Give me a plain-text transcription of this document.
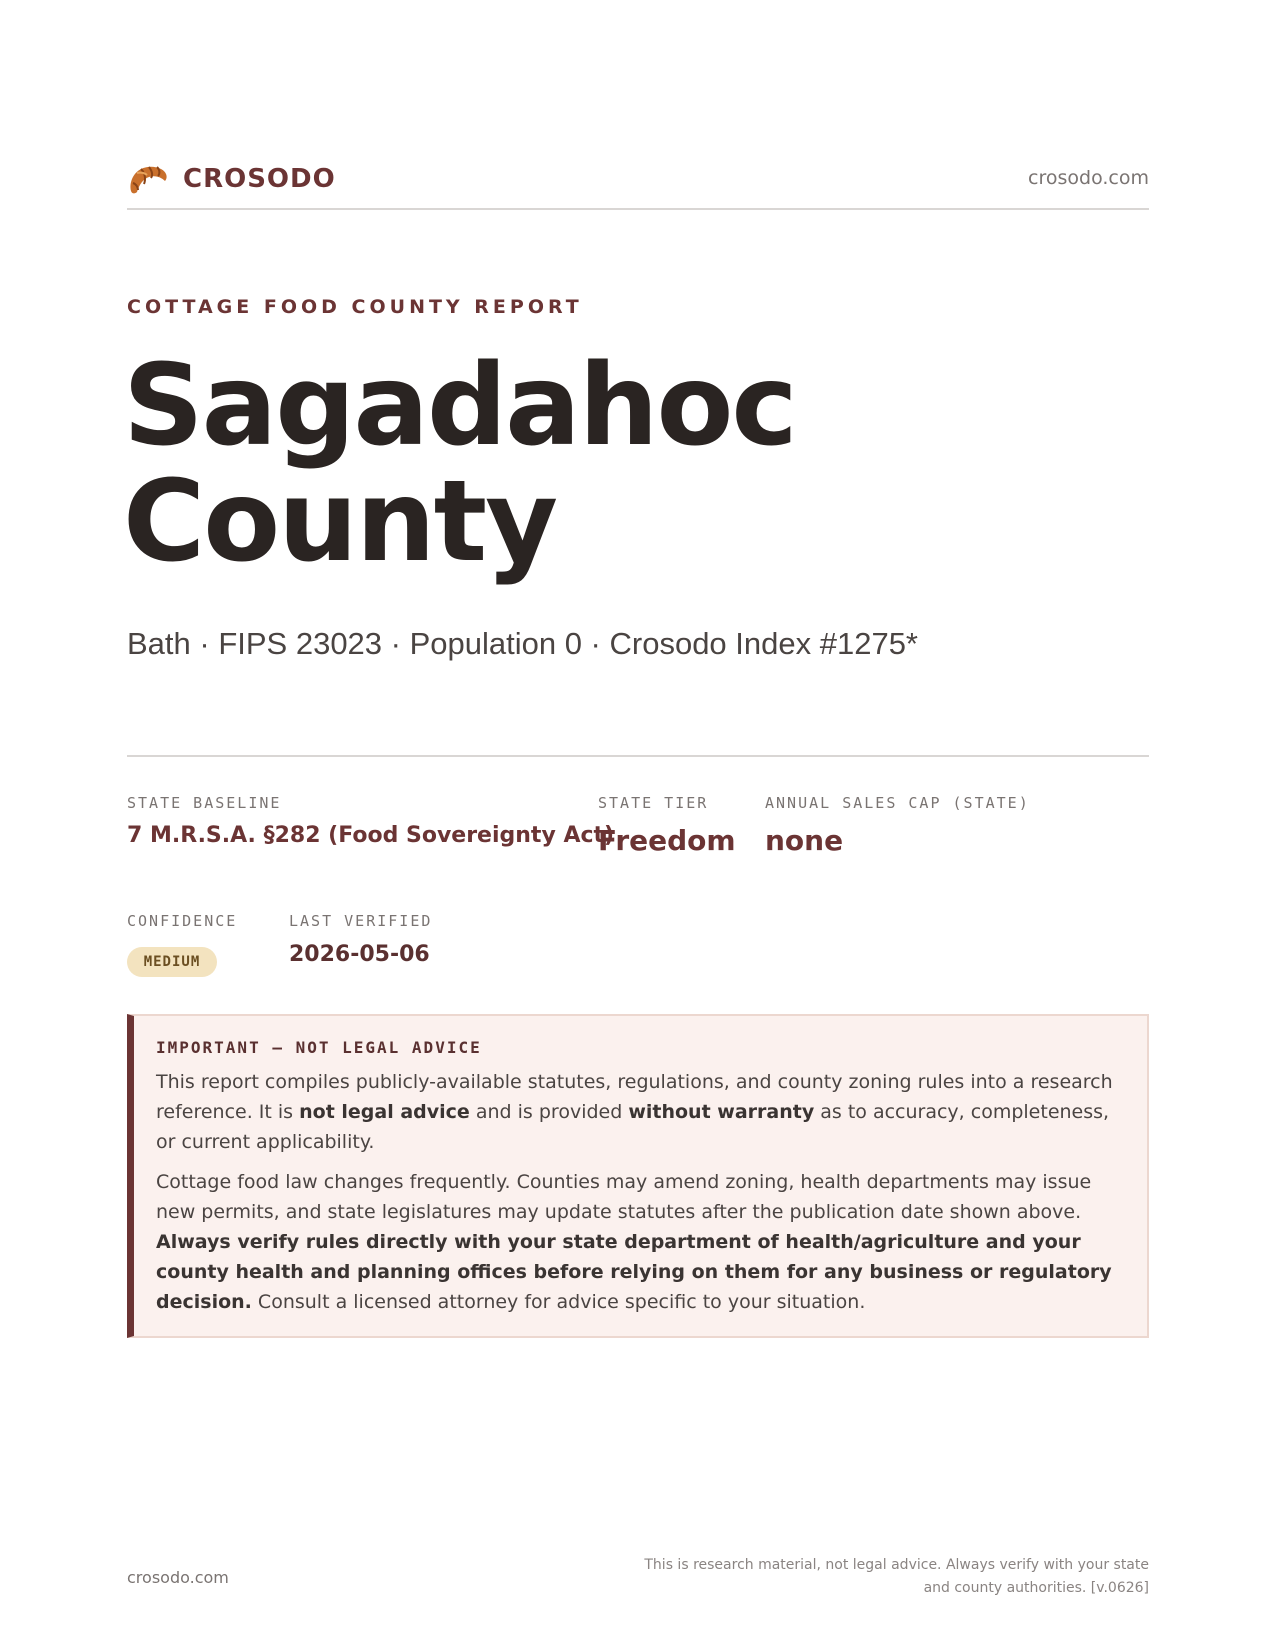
CROSODO	crosodo.com
COTTAGE FOOD COUNTY REPORT
Sagadahoc
County
Bath · FIPS 23023 · Population 0 · Crosodo Index #1275*
STATE BASELINE
7 M.R.S.A. §282 (Food Sovereignty Act)
STATE TIER
Freedom
ANNUAL SALES CAP (STATE)
none
CONFIDENCE
MEDIUM
LAST VERIFIED
2026-05-06
IMPORTANT — NOT LEGAL ADVICE

This report compiles publicly-available statutes, regulations, and county zoning rules into a research reference. It is not legal advice and is provided without warranty as to accuracy, completeness, or current applicability.

Cottage food law changes frequently. Counties may amend zoning, health departments may issue new permits, and state legislatures may update statutes after the publication date shown above. Always verify rules directly with your state department of health/agriculture and your county health and planning offices before relying on them for any business or regulatory decision. Consult a licensed attorney for advice specific to your situation.

crosodo.com
This is research material, not legal advice. Always verify with your state
and county authorities. [v.0626]
